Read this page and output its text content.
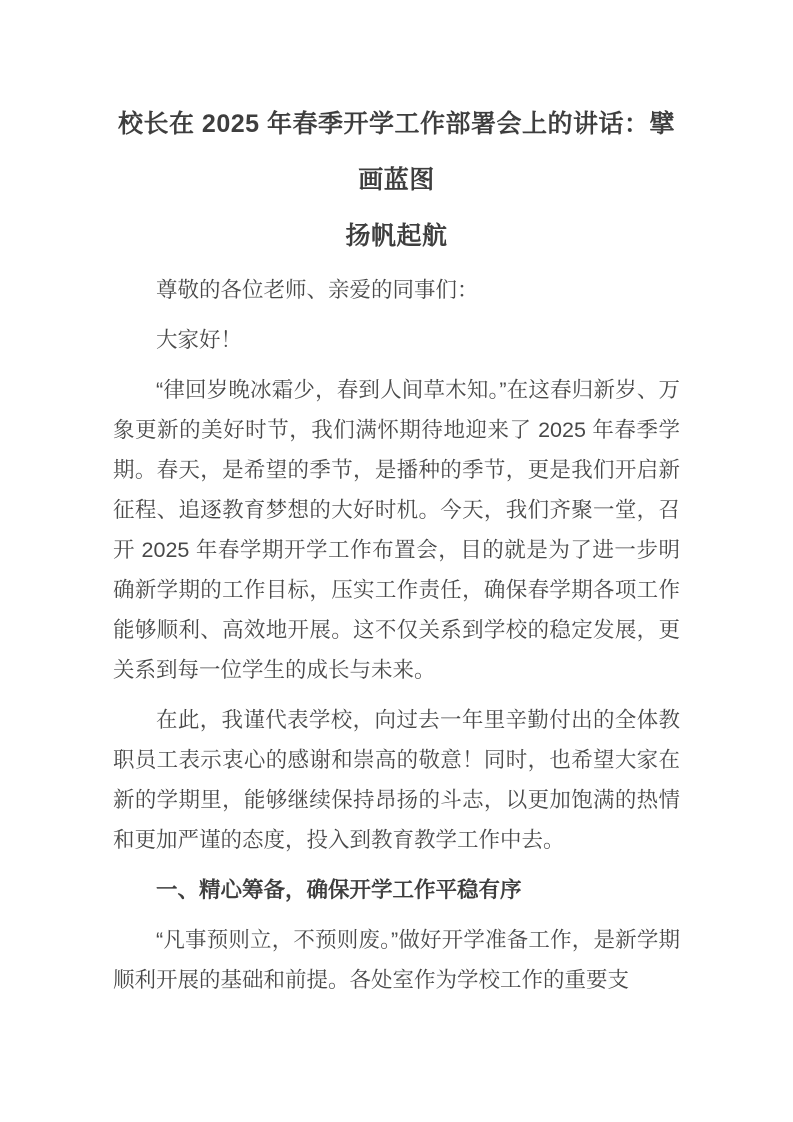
校长在 2025 年春季开学工作部署会上的讲话：擘画蓝图
扬帆起航

尊敬的各位老师、亲爱的同事们：

大家好！

“律回岁晚冰霜少，春到人间草木知。”在这春归新岁、万象更新的美好时节，我们满怀期待地迎来了 2025 年春季学期。春天，是希望的季节，是播种的季节，更是我们开启新征程、追逐教育梦想的大好时机。今天，我们齐聚一堂，召开 2025 年春学期开学工作布置会，目的就是为了进一步明确新学期的工作目标，压实工作责任，确保春学期各项工作能够顺利、高效地开展。这不仅关系到学校的稳定发展，更关系到每一位学生的成长与未来。

在此，我谨代表学校，向过去一年里辛勤付出的全体教职员工表示衷心的感谢和崇高的敬意！同时，也希望大家在新的学期里，能够继续保持昂扬的斗志，以更加饱满的热情和更加严谨的态度，投入到教育教学工作中去。

一、精心筹备，确保开学工作平稳有序

“凡事预则立，不预则废。”做好开学准备工作，是新学期顺利开展的基础和前提。各处室作为学校工作的重要支
